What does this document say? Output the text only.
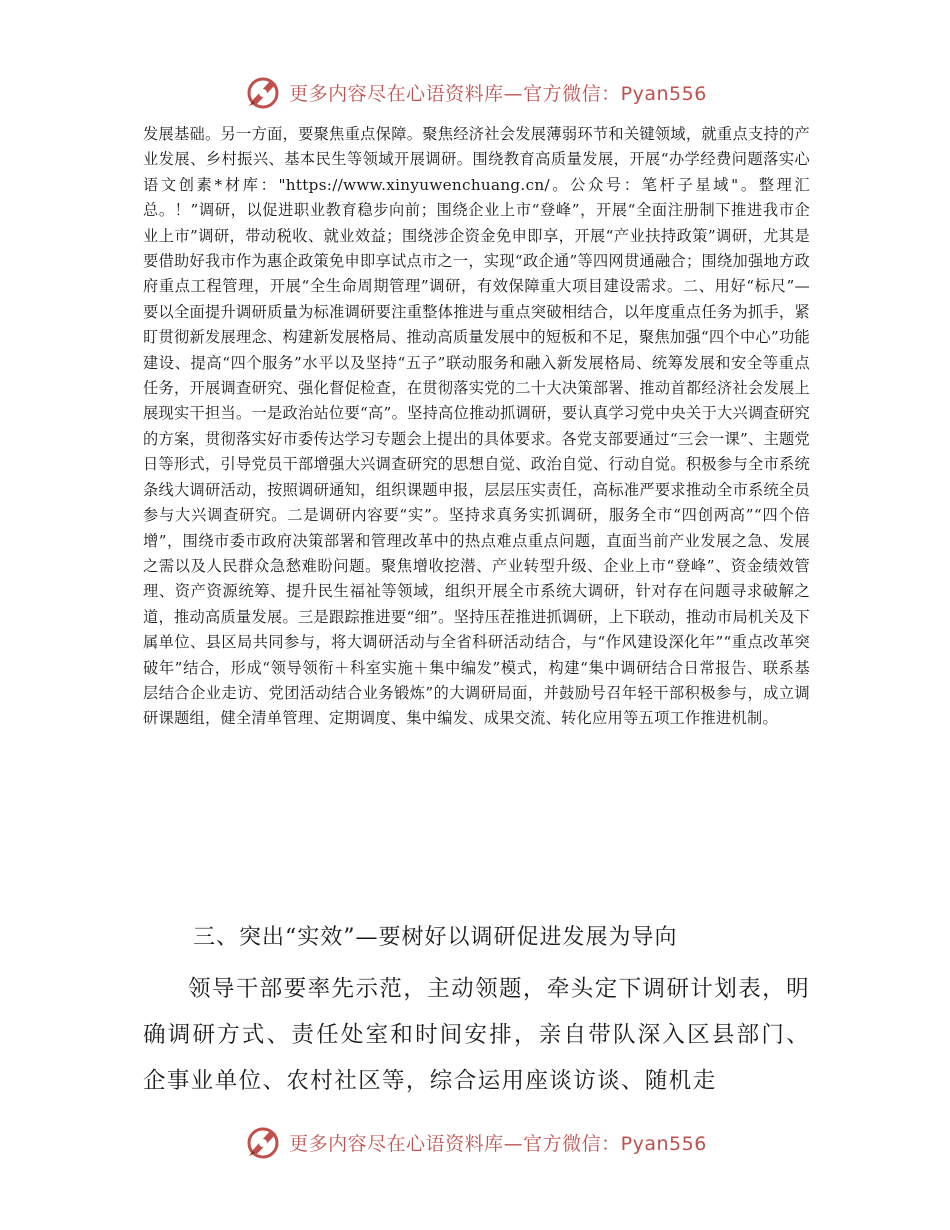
更多内容尽在心语资料库—官方微信：Pyan556

发展基础。另一方面，要聚焦重点保障。聚焦经济社会发展薄弱环节和关键领域，就重点支持的产业发展、乡村振兴、基本民生等领域开展调研。围绕教育高质量发展，开展“办学经费问题落实心语文创素*材库："https://www.xinyuwenchuang.cn/。公众号：笔杆子星域"。整理汇总。！”调研，以促进职业教育稳步向前；围绕企业上市“登峰”，开展“全面注册制下推进我市企业上市”调研，带动税收、就业效益；围绕涉企资金免申即享，开展“产业扶持政策”调研，尤其是要借助好我市作为惠企政策免申即享试点市之一，实现“政企通”等四网贯通融合；围绕加强地方政府重点工程管理，开展“全生命周期管理”调研，有效保障重大项目建设需求。二、用好“标尺”—要以全面提升调研质量为标准调研要注重整体推进与重点突破相结合，以年度重点任务为抓手，紧盯贯彻新发展理念、构建新发展格局、推动高质量发展中的短板和不足，聚焦加强“四个中心”功能建设、提高“四个服务”水平以及坚持“五子”联动服务和融入新发展格局、统筹发展和安全等重点任务，开展调查研究、强化督促检查，在贯彻落实党的二十大决策部署、推动首都经济社会发展上展现实干担当。一是政治站位要“高”。坚持高位推动抓调研，要认真学习党中央关于大兴调查研究的方案，贯彻落实好市委传达学习专题会上提出的具体要求。各党支部要通过“三会一课”、主题党日等形式，引导党员干部增强大兴调查研究的思想自觉、政治自觉、行动自觉。积极参与全市系统条线大调研活动，按照调研通知，组织课题申报，层层压实责任，高标准严要求推动全市系统全员参与大兴调查研究。二是调研内容要“实”。坚持求真务实抓调研，服务全市“四创两高”“四个倍增”，围绕市委市政府决策部署和管理改革中的热点难点重点问题，直面当前产业发展之急、发展之需以及人民群众急愁难盼问题。聚焦增收挖潜、产业转型升级、企业上市“登峰”、资金绩效管理、资产资源统筹、提升民生福祉等领域，组织开展全市系统大调研，针对存在问题寻求破解之道，推动高质量发展。三是跟踪推进要“细”。坚持压茬推进抓调研，上下联动，推动市局机关及下属单位、县区局共同参与，将大调研活动与全省科研活动结合，与“作风建设深化年”“重点改革突破年”结合，形成“领导领衔＋科室实施＋集中编发”模式，构建“集中调研结合日常报告、联系基层结合企业走访、党团活动结合业务锻炼”的大调研局面，并鼓励号召年轻干部积极参与，成立调研课题组，健全清单管理、定期调度、集中编发、成果交流、转化应用等五项工作推进机制。

三、突出“实效”—要树好以调研促进发展为导向

领导干部要率先示范，主动领题，牵头定下调研计划表，明确调研方式、责任处室和时间安排，亲自带队深入区县部门、企事业单位、农村社区等，综合运用座谈访谈、随机走

更多内容尽在心语资料库—官方微信：Pyan556
